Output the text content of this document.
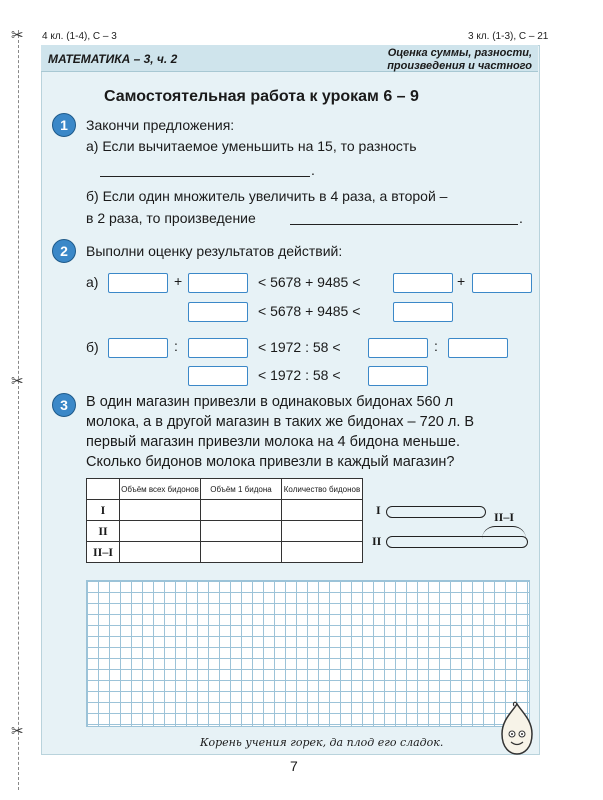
✂
✂
✂
4 кл. (1-4), С – 3	3 кл. (1-3), С – 21
МАТЕМАТИКА – 3, ч. 2	Оценка суммы, разности,
произведения и частного
Самостоятельная работа к урокам 6 – 9
1	Закончи предложения:
а) Если вычитаемое уменьшить на 15, то разность
.
б) Если один множитель увеличить в 4 раза, а второй –
в 2 раза, то произведение	.
2	Выполни оценку результатов действий:
а)	+	< 5678 + 9485 <	+
< 5678 + 9485 <
б)	:	< 1972 : 58 <	:
< 1972 : 58 <
3	В один магазин привезли в одинаковых бидонах 560 л
молока, а в другой магазин в таких же бидонах – 720 л. В
первый магазин привезли молока на 4 бидона меньше.
Сколько бидонов молока привезли в каждый магазин?
	Объём всех бидонов	Объём 1 бидона	Количество бидонов
I			
II			
II–I			
I
II
II–I
Корень учения горек, да плод его сладок.
7
